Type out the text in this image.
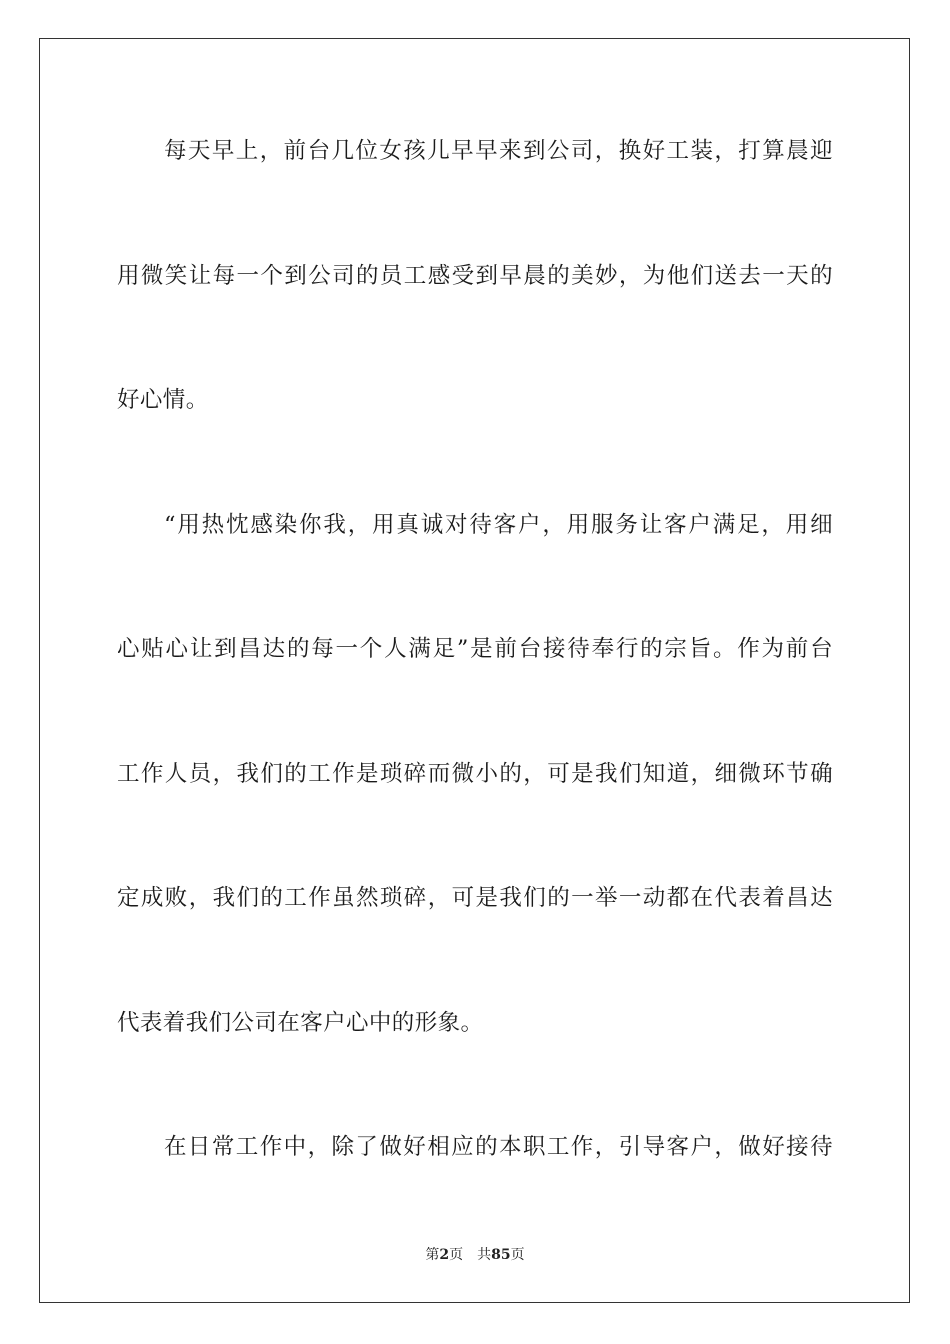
每天早上，前台几位女孩儿早早来到公司，换好工装，打算晨迎
用微笑让每一个到公司的员工感受到早晨的美妙，为他们送去一天的
好心情。
“用热忱感染你我，用真诚对待客户，用服务让客户满足，用细
心贴心让到昌达的每一个人满足”是前台接待奉行的宗旨。作为前台
工作人员，我们的工作是琐碎而微小的，可是我们知道，细微环节确
定成败，我们的工作虽然琐碎，可是我们的一举一动都在代表着昌达
代表着我们公司在客户心中的形象。
在日常工作中，除了做好相应的本职工作，引导客户，做好接待
第2页 共85页
